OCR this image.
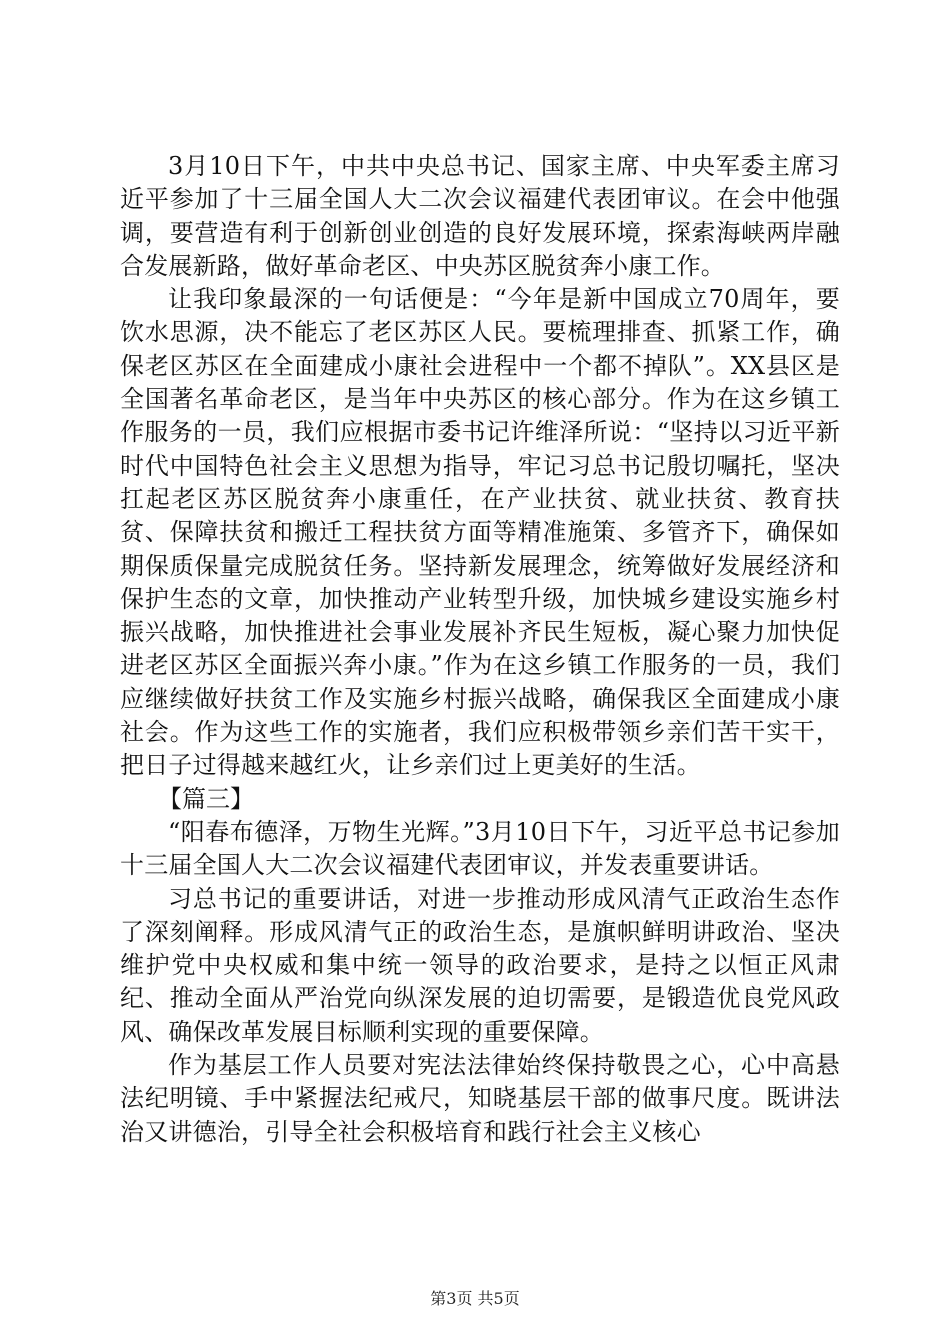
3月10日下午，中共中央总书记、国家主席、中央军委主席习近平参加了十三届全国人大二次会议福建代表团审议。在会中他强调，要营造有利于创新创业创造的良好发展环境，探索海峡两岸融合发展新路，做好革命老区、中央苏区脱贫奔小康工作。

让我印象最深的一句话便是：“今年是新中国成立70周年，要饮水思源，决不能忘了老区苏区人民。要梳理排查、抓紧工作，确保老区苏区在全面建成小康社会进程中一个都不掉队”。XX县区是全国著名革命老区，是当年中央苏区的核心部分。作为在这乡镇工作服务的一员，我们应根据市委书记许维泽所说：“坚持以习近平新时代中国特色社会主义思想为指导，牢记习总书记殷切嘱托，坚决扛起老区苏区脱贫奔小康重任，在产业扶贫、就业扶贫、教育扶贫、保障扶贫和搬迁工程扶贫方面等精准施策、多管齐下，确保如期保质保量完成脱贫任务。坚持新发展理念，统筹做好发展经济和保护生态的文章，加快推动产业转型升级，加快城乡建设实施乡村振兴战略，加快推进社会事业发展补齐民生短板，凝心聚力加快促进老区苏区全面振兴奔小康。”作为在这乡镇工作服务的一员，我们应继续做好扶贫工作及实施乡村振兴战略，确保我区全面建成小康社会。作为这些工作的实施者，我们应积极带领乡亲们苦干实干，把日子过得越来越红火，让乡亲们过上更美好的生活。

【篇三】

“阳春布德泽，万物生光辉。”3月10日下午，习近平总书记参加十三届全国人大二次会议福建代表团审议，并发表重要讲话。

习总书记的重要讲话，对进一步推动形成风清气正政治生态作了深刻阐释。形成风清气正的政治生态，是旗帜鲜明讲政治、坚决维护党中央权威和集中统一领导的政治要求，是持之以恒正风肃纪、推动全面从严治党向纵深发展的迫切需要，是锻造优良党风政风、确保改革发展目标顺利实现的重要保障。

作为基层工作人员要对宪法法律始终保持敬畏之心，心中高悬法纪明镜、手中紧握法纪戒尺，知晓基层干部的做事尺度。既讲法治又讲德治，引导全社会积极培育和践行社会主义核心

第3页 共5页
